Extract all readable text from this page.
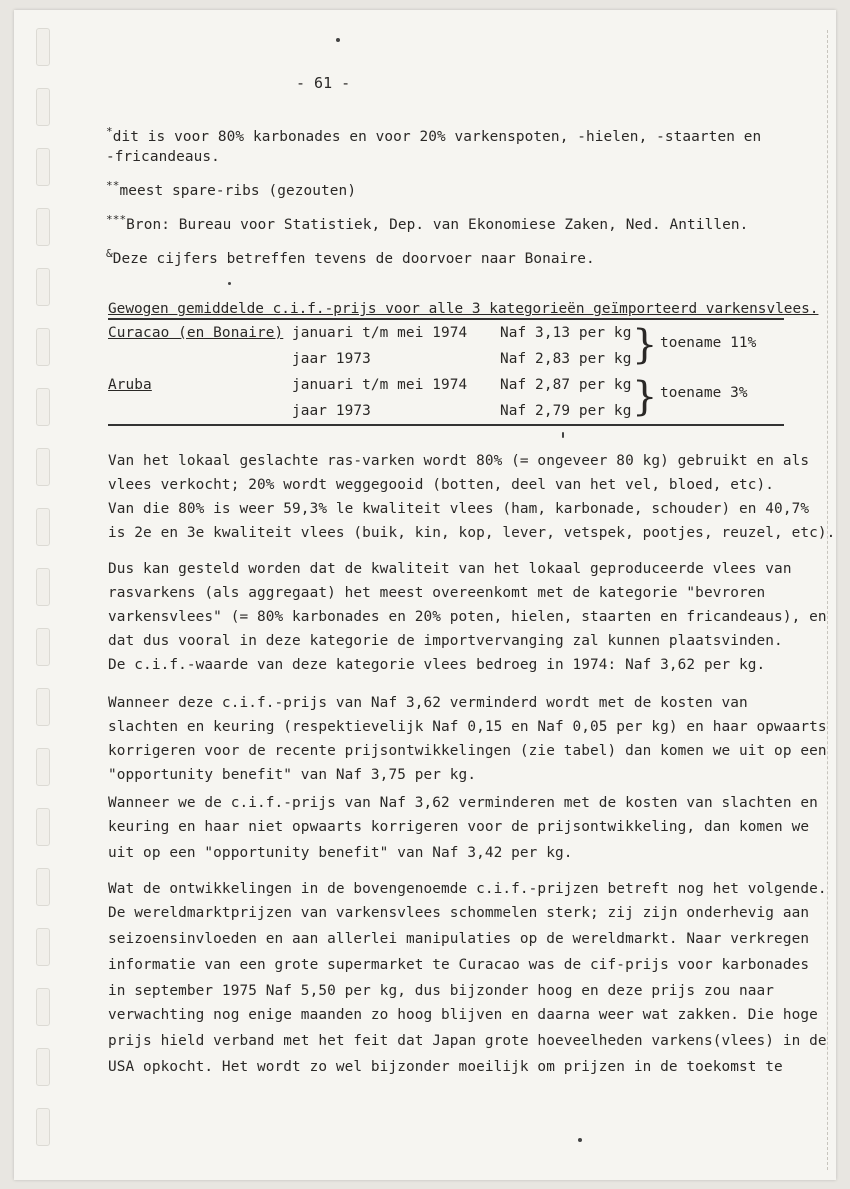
- 61 -
*dit is voor 80% karbonades en voor 20% varkenspoten, -hielen, -staarten en
-fricandeaus.
**meest spare-ribs (gezouten)
***Bron: Bureau voor Statistiek, Dep. van Ekonomiese Zaken, Ned. Antillen.
&Deze cijfers betreffen tevens de doorvoer naar Bonaire.
Gewogen gemiddelde c.i.f.-prijs voor alle 3 kategorieën geïmporteerd varkensvlees.
Curacao (en Bonaire) januari t/m mei 1974 Naf 3,13 per kg
jaar 1973	Naf 2,83 per kg } toename 11%
Aruba	januari t/m mei 1974 Naf 2,87 per kg
jaar 1973	Naf 2,79 per kg } toename 3%
Van het lokaal geslachte ras-varken wordt 80% (= ongeveer 80 kg) gebruikt en als
vlees verkocht; 20% wordt weggegooid (botten, deel van het vel, bloed, etc).
Van die 80% is weer 59,3% le kwaliteit vlees (ham, karbonade, schouder) en 40,7%
is 2e en 3e kwaliteit vlees (buik, kin, kop, lever, vetspek, pootjes, reuzel, etc).
Dus kan gesteld worden dat de kwaliteit van het lokaal geproduceerde vlees van
rasvarkens (als aggregaat) het meest overeenkomt met de kategorie "bevroren
varkensvlees" (= 80% karbonades en 20% poten, hielen, staarten en fricandeaus), en
dat dus vooral in deze kategorie de importvervanging zal kunnen plaatsvinden.
De c.i.f.-waarde van deze kategorie vlees bedroeg in 1974: Naf 3,62 per kg.
Wanneer deze c.i.f.-prijs van Naf 3,62 verminderd wordt met de kosten van
slachten en keuring (respektievelijk Naf 0,15 en Naf 0,05 per kg) en haar opwaarts
korrigeren voor de recente prijsontwikkelingen (zie tabel) dan komen we uit op een
"opportunity benefit" van Naf 3,75 per kg.
Wanneer we de c.i.f.-prijs van Naf 3,62 verminderen met de kosten van slachten en
keuring en haar niet opwaarts korrigeren voor de prijsontwikkeling, dan komen we
uit op een "opportunity benefit" van Naf 3,42 per kg.
Wat de ontwikkelingen in de bovengenoemde c.i.f.-prijzen betreft nog het volgende.
De wereldmarktprijzen van varkensvlees schommelen sterk; zij zijn onderhevig aan
seizoensinvloeden en aan allerlei manipulaties op de wereldmarkt. Naar verkregen
informatie van een grote supermarket te Curacao was de cif-prijs voor karbonades
in september 1975 Naf 5,50 per kg, dus bijzonder hoog en deze prijs zou naar
verwachting nog enige maanden zo hoog blijven en daarna weer wat zakken. Die hoge
prijs hield verband met het feit dat Japan grote hoeveelheden varkens(vlees) in de
USA opkocht. Het wordt zo wel bijzonder moeilijk om prijzen in de toekomst te
